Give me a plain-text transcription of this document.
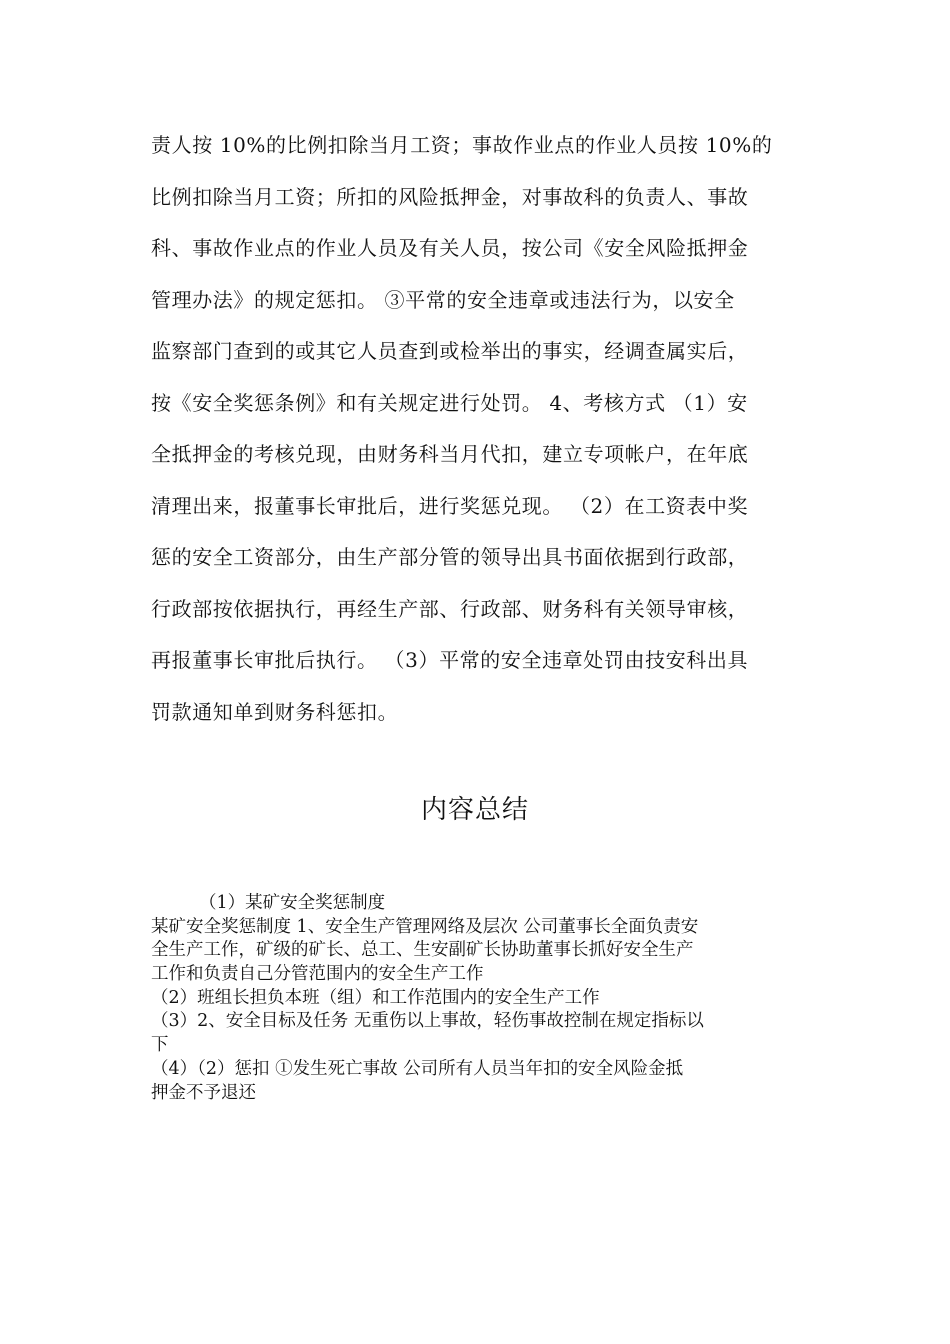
责人按 10%的比例扣除当月工资；事故作业点的作业人员按 10%的
比例扣除当月工资；所扣的风险抵押金，对事故科的负责人、事故
科、事故作业点的作业人员及有关人员，按公司《安全风险抵押金
管理办法》的规定惩扣。 ③平常的安全违章或违法行为，以安全
监察部门查到的或其它人员查到或检举出的事实，经调查属实后，
按《安全奖惩条例》和有关规定进行处罚。 4、考核方式 （1）安
全抵押金的考核兑现，由财务科当月代扣，建立专项帐户，在年底
清理出来，报董事长审批后，进行奖惩兑现。 （2）在工资表中奖
惩的安全工资部分，由生产部分管的领导出具书面依据到行政部，
行政部按依据执行，再经生产部、行政部、财务科有关领导审核，
再报董事长审批后执行。 （3）平常的安全违章处罚由技安科出具
罚款通知单到财务科惩扣。
内容总结
（1）某矿安全奖惩制度
某矿安全奖惩制度 1、安全生产管理网络及层次 公司董事长全面负责安
全生产工作，矿级的矿长、总工、生安副矿长协助董事长抓好安全生产
工作和负责自己分管范围内的安全生产工作
（2）班组长担负本班（组）和工作范围内的安全生产工作
（3）2、安全目标及任务 无重伤以上事故，轻伤事故控制在规定指标以
下
（4）（2）惩扣 ①发生死亡事故 公司所有人员当年扣的安全风险金抵
押金不予退还
